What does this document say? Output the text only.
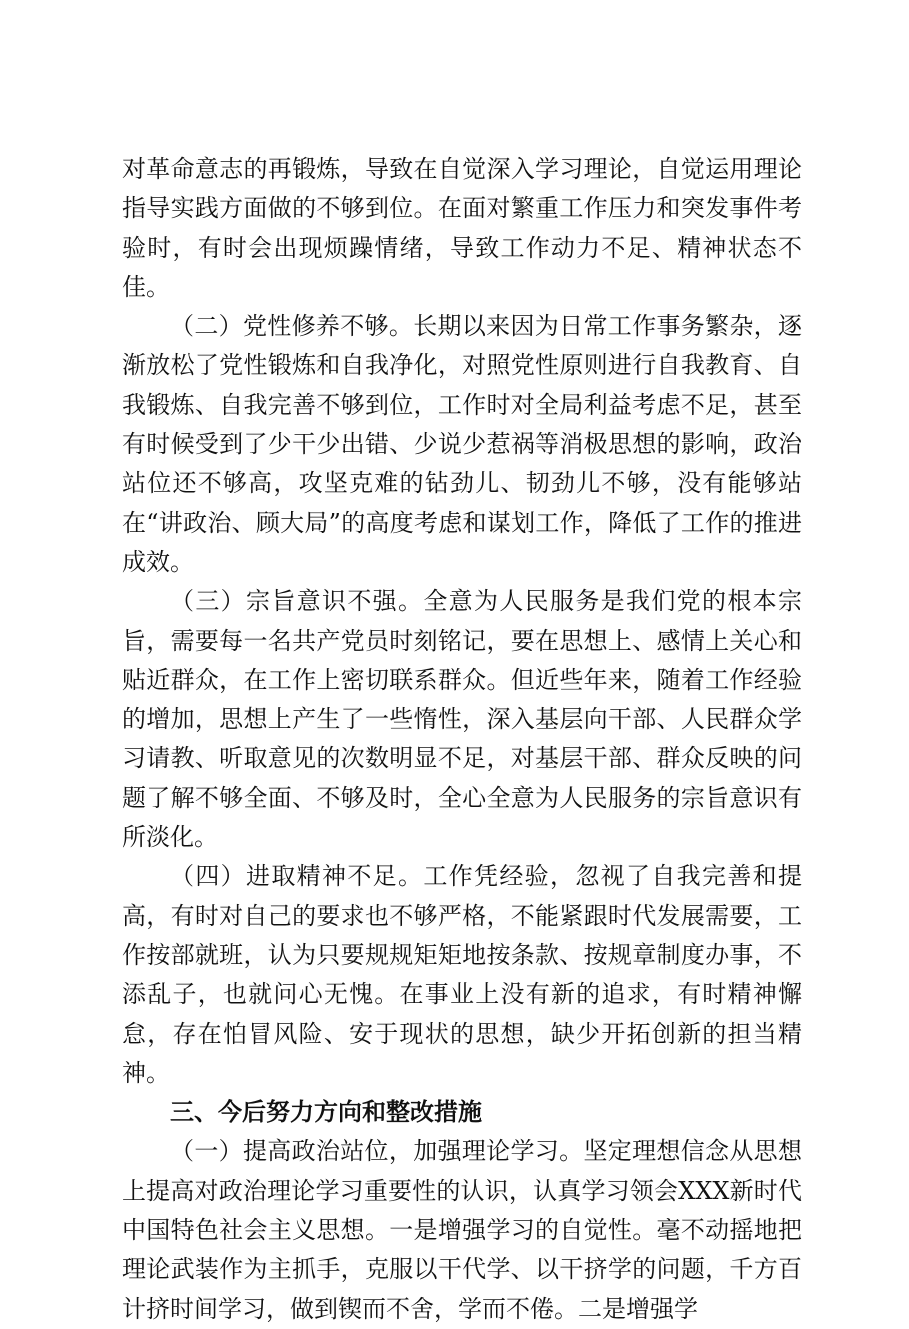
对革命意志的再锻炼，导致在自觉深入学习理论，自觉运用理论指导实践方面做的不够到位。在面对繁重工作压力和突发事件考验时，有时会出现烦躁情绪，导致工作动力不足、精神状态不佳。

（二）党性修养不够。长期以来因为日常工作事务繁杂，逐渐放松了党性锻炼和自我净化，对照党性原则进行自我教育、自我锻炼、自我完善不够到位，工作时对全局利益考虑不足，甚至有时候受到了少干少出错、少说少惹祸等消极思想的影响，政治站位还不够高，攻坚克难的钻劲儿、韧劲儿不够，没有能够站在“讲政治、顾大局”的高度考虑和谋划工作，降低了工作的推进成效。

（三）宗旨意识不强。全意为人民服务是我们党的根本宗旨，需要每一名共产党员时刻铭记，要在思想上、感情上关心和贴近群众，在工作上密切联系群众。但近些年来，随着工作经验的增加，思想上产生了一些惰性，深入基层向干部、人民群众学习请教、听取意见的次数明显不足，对基层干部、群众反映的问题了解不够全面、不够及时，全心全意为人民服务的宗旨意识有所淡化。

（四）进取精神不足。工作凭经验，忽视了自我完善和提高，有时对自己的要求也不够严格，不能紧跟时代发展需要，工作按部就班，认为只要规规矩矩地按条款、按规章制度办事，不添乱子，也就问心无愧。在事业上没有新的追求，有时精神懈怠，存在怕冒风险、安于现状的思想，缺少开拓创新的担当精神。

三、今后努力方向和整改措施

（一）提高政治站位，加强理论学习。坚定理想信念从思想上提高对政治理论学习重要性的认识，认真学习领会XXX新时代中国特色社会主义思想。一是增强学习的自觉性。毫不动摇地把理论武装作为主抓手，克服以干代学、以干挤学的问题，千方百计挤时间学习，做到锲而不舍，学而不倦。二是增强学
